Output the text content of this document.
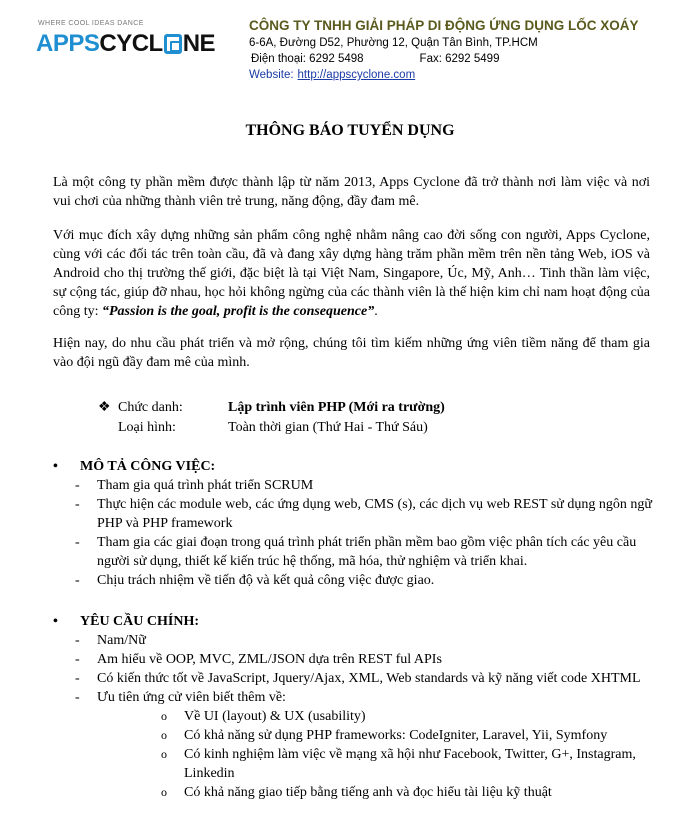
WHERE COOL IDEAS DANCE
APPSCYCL NE
CÔNG TY TNHH GIẢI PHÁP DI ĐỘNG ỨNG DỤNG LỐC XOÁY
6-6A, Đường D52, Phường 12, Quận Tân Bình, TP.HCM
Điện thoại: 6292 5498	Fax: 6292 5499
Website: http://appscyclone.com
THÔNG BÁO TUYỂN DỤNG
Là một công ty phần mềm được thành lập từ năm 2013, Apps Cyclone đã trở thành nơi làm việc và nơi vui chơi của những thành viên trẻ trung, năng động, đầy đam mê.
Với mục đích xây dựng những sản phẩm công nghệ nhằm nâng cao đời sống con người, Apps Cyclone, cùng với các đối tác trên toàn cầu, đã và đang xây dựng hàng trăm phần mềm trên nền tảng Web, iOS và Android cho thị trường thế giới, đặc biệt là tại Việt Nam, Singapore, Úc, Mỹ, Anh… Tinh thần làm việc, sự cộng tác, giúp đỡ nhau, học hỏi không ngừng của các thành viên là thế hiện kim chỉ nam hoạt động của công ty: “Passion is the goal, profit is the consequence”.
Hiện nay, do nhu cầu phát triển và mở rộng, chúng tôi tìm kiếm những ứng viên tiềm năng để tham gia vào đội ngũ đầy đam mê của mình.
❖ Chức danh:	Lập trình viên PHP (Mới ra trường)
Loại hình:	Toàn thời gian (Thứ Hai - Thứ Sáu)
• MÔ TẢ CÔNG VIỆC:
- Tham gia quá trình phát triển SCRUM
- Thực hiện các module web, các ứng dụng web, CMS (s), các dịch vụ web REST sử dụng ngôn ngữ PHP và PHP framework
- Tham gia các giai đoạn trong quá trình phát triển phần mềm bao gồm việc phân tích các yêu cầu người sử dụng, thiết kế kiến trúc hệ thống, mã hóa, thử nghiệm và triển khai.
- Chịu trách nhiệm về tiến độ và kết quả công việc được giao.
• YÊU CẦU CHÍNH:
- Nam/Nữ
- Am hiểu về OOP, MVC, ZML/JSON dựa trên REST ful APIs
- Có kiến thức tốt về JavaScript, Jquery/Ajax, XML, Web standards và kỹ năng viết code XHTML
- Ưu tiên ứng cử viên biết thêm về:
o Về UI (layout) & UX (usability)
o Có khả năng sử dụng PHP frameworks: CodeIgniter, Laravel, Yii, Symfony
o Có kinh nghiệm làm việc về mạng xã hội như Facebook, Twitter, G+, Instagram, Linkedin
o Có khả năng giao tiếp bằng tiếng anh và đọc hiểu tài liệu kỹ thuật
